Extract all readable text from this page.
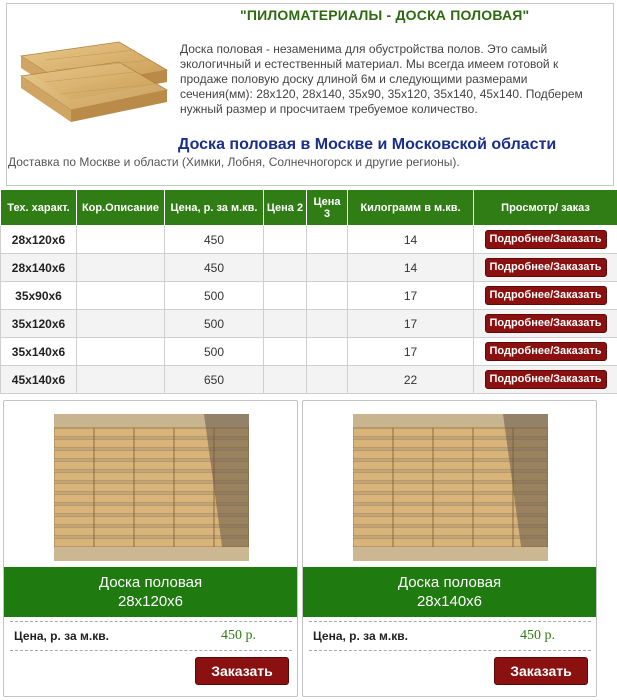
"ПИЛОМАТЕРИАЛЫ - ДОСКА ПОЛОВАЯ"
Доска половая - незаменима для обустройства полов. Это самый экологичный и естественный материал. Мы всегда имеем готовой к продаже половую доску длиной 6м и следующими размерами сечения(мм): 28х120, 28х140, 35х90, 35х120, 35х140, 45х140. Подберем нужный размер и просчитаем требуемое количество.
Доска половая в Москве и Московской области
Доставка по Москве и области (Химки, Лобня, Солнечногорск и другие регионы).
Тех. характ.	Кор.Описание	Цена, р. за м.кв.	Цена 2	Цена 3	Килограмм в м.кв.	Просмотр/ заказ
28х120х6		450			14	Подробнее/Заказать
28х140х6		450			14	Подробнее/Заказать
35х90х6		500			17	Подробнее/Заказать
35х120х6		500			17	Подробнее/Заказать
35х140х6		500			17	Подробнее/Заказать
45х140х6		650			22	Подробнее/Заказать
Доска половая
28х120х6
Цена, р. за м.кв.	450 р.
Заказать
Доска половая
28х140х6
Цена, р. за м.кв.	450 р.
Заказать
